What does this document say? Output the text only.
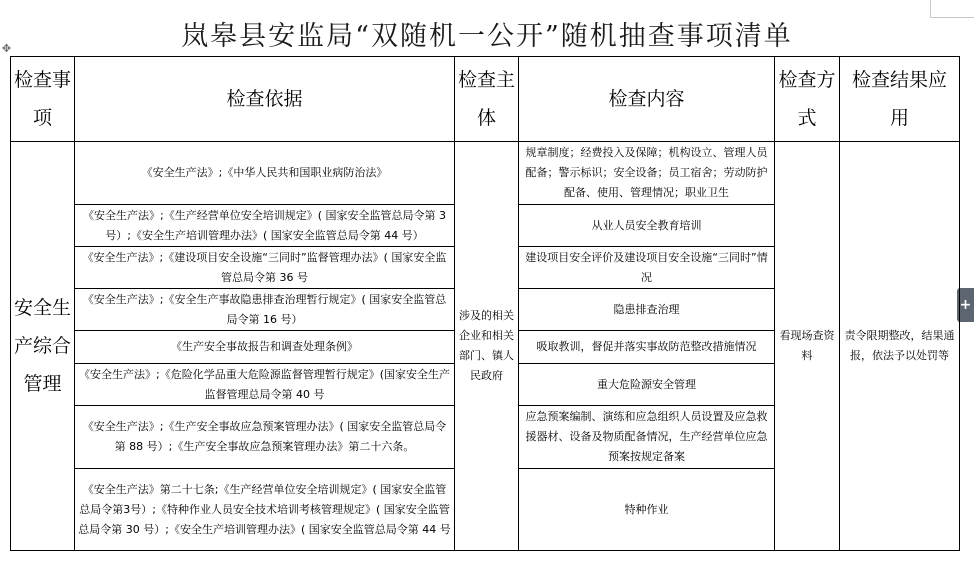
✥
+
岚皋县安监局“双随机一公开”随机抽查事项清单
检查事项	检查依据	检查主体	检查内容	检查方式	检查结果应用
安全生产综合管理	《安全生产法》;《中华人民共和国职业病防治法》	涉及的相关企业和相关部门、镇人民政府	规章制度；经费投入及保障；机构设立、管理人员配备；警示标识；安全设备；员工宿舍；劳动防护配备、使用、管理情况；职业卫生	看现场查资料	责令限期整改，结果通报，依法予以处罚等
	《安全生产法》;《生产经营单位安全培训规定》( 国家安全监管总局令第 3 号）;《安全生产培训管理办法》( 国家安全监管总局令第 44 号）		从业人员安全教育培训		
	《安全生产法》;《建设项目安全设施“三同时”监督管理办法》( 国家安全监管总局令第 36 号		建设项目安全评价及建设项目安全设施“三同时”情况		
	《安全生产法》;《安全生产事故隐患排查治理暂行规定》( 国家安全监管总局令第 16 号）		隐患排查治理		
	《生产安全事故报告和调查处理条例》		吸取教训，督促并落实事故防范整改措施情况		
	《安全生产法》;《危险化学品重大危险源监督管理暂行规定》(国家安全生产监督管理总局令第 40 号		重大危险源安全管理		
	《安全生产法》;《生产安全事故应急预案管理办法》( 国家安全监管总局令第 88 号）;《生产安全事故应急预案管理办法》第二十六条。		应急预案编制、演练和应急组织人员设置及应急救援器材、设备及物质配备情况，生产经营单位应急预案按规定备案		
	《安全生产法》第二十七条;《生产经营单位安全培训规定》( 国家安全监管总局令第3号）;《特种作业人员安全技术培训考核管理规定》( 国家安全监管总局令第 30 号）;《安全生产培训管理办法》( 国家安全监管总局令第 44 号		特种作业		
